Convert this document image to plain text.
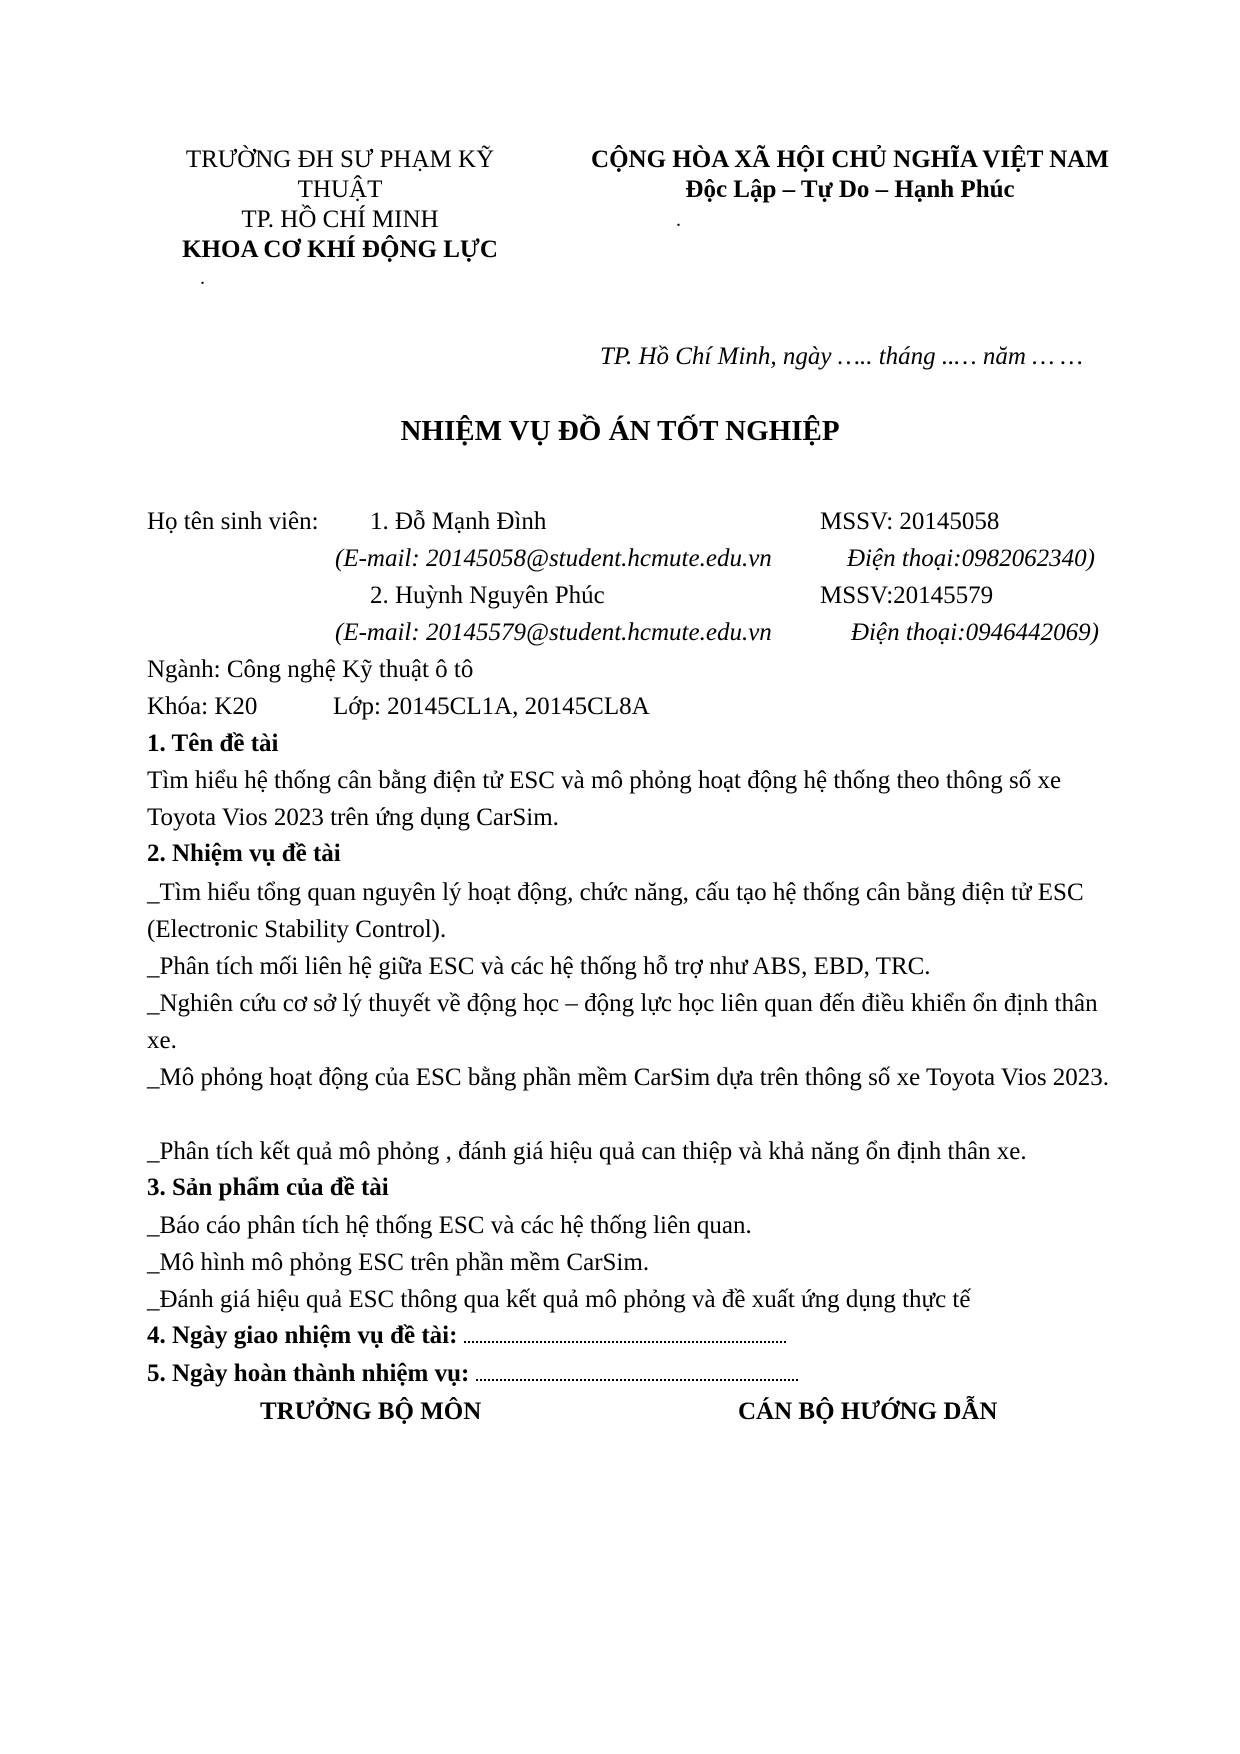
TRƯỜNG ĐH SƯ PHẠM KỸ
THUẬT
TP. HỒ CHÍ MINH
KHOA CƠ KHÍ ĐỘNG LỰC
.
CỘNG HÒA XÃ HỘI CHỦ NGHĨA VIỆT NAM
Độc Lập – Tự Do – Hạnh Phúc
.
TP. Hồ Chí Minh, ngày ….. tháng ..… năm … …
NHIỆM VỤ ĐỒ ÁN TỐT NGHIỆP
Họ tên sinh viên: 1. Đỗ Mạnh Đình	MSSV: 20145058
(E-mail: 20145058@student.hcmute.edu.vn	Điện thoại:0982062340)
2. Huỳnh Nguyên Phúc	MSSV:20145579
(E-mail: 20145579@student.hcmute.edu.vn	Điện thoại:0946442069)
Ngành: Công nghệ Kỹ thuật ô tô
Khóa: K20	Lớp: 20145CL1A, 20145CL8A
1. Tên đề tài
Tìm hiểu hệ thống cân bằng điện tử ESC và mô phỏng hoạt động hệ thống theo thông số xe Toyota Vios 2023 trên ứng dụng CarSim.
2. Nhiệm vụ đề tài
_Tìm hiểu tổng quan nguyên lý hoạt động, chức năng, cấu tạo hệ thống cân bằng điện tử ESC (Electronic Stability Control).
_Phân tích mối liên hệ giữa ESC và các hệ thống hỗ trợ như ABS, EBD, TRC.
_Nghiên cứu cơ sở lý thuyết về động học – động lực học liên quan đến điều khiển ổn định thân xe.
_Mô phỏng hoạt động của ESC bằng phần mềm CarSim dựa trên thông số xe Toyota Vios 2023.
_Phân tích kết quả mô phỏng , đánh giá hiệu quả can thiệp và khả năng ổn định thân xe.
3. Sản phẩm của đề tài
_Báo cáo phân tích hệ thống ESC và các hệ thống liên quan.
_Mô hình mô phỏng ESC trên phần mềm CarSim.
_Đánh giá hiệu quả ESC thông qua kết quả mô phỏng và đề xuất ứng dụng thực tế
4. Ngày giao nhiệm vụ đề tài:
5. Ngày hoàn thành nhiệm vụ:
TRƯỞNG BỘ MÔN	CÁN BỘ HƯỚNG DẪN
